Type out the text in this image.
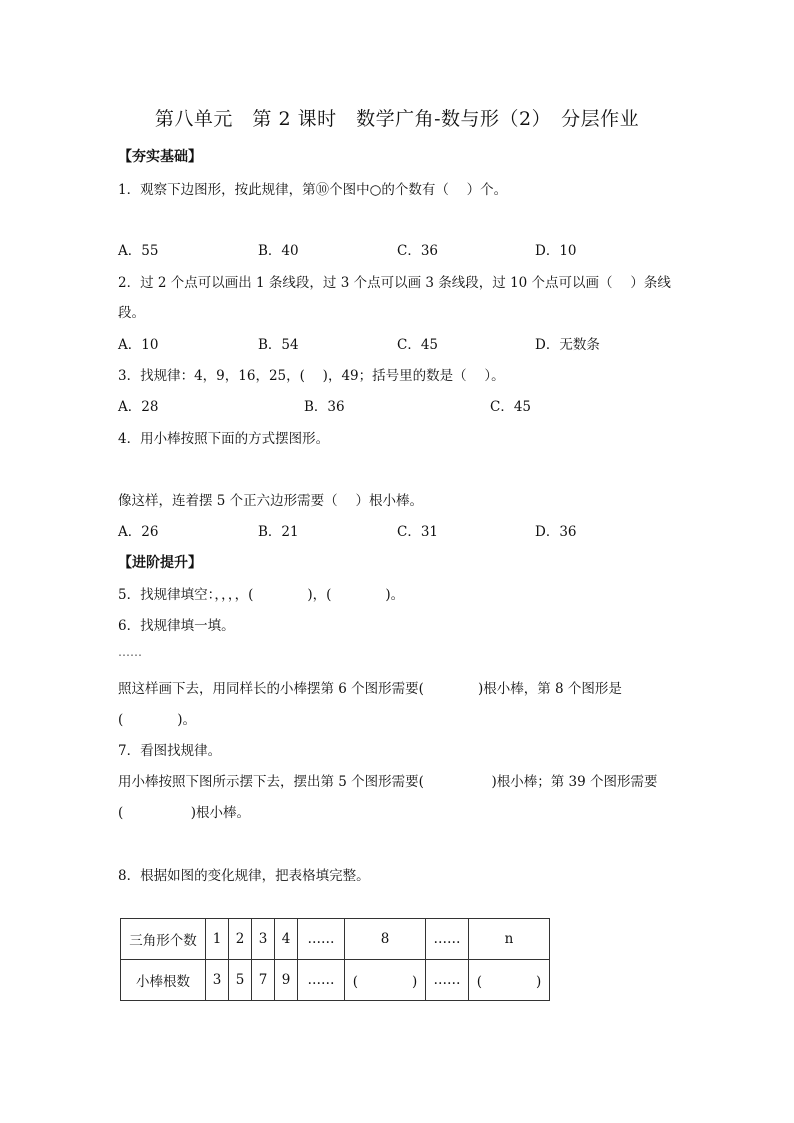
第八单元　第 2 课时　数学广角-数与形（2）　分层作业
【夯实基础】
1．观察下边图形，按此规律，第⑩个图中○的个数有（　 ）个。
A．55	B．40	C．36	D．10
2．过 2 个点可以画出 1 条线段，过 3 个点可以画 3 条线段，过 10 个点可以画（　 ）条线
段。
A．10	B．54	C．45	D．无数条
3．找规律：4，9，16，25，(　 )，49；括号里的数是（　 ）。
A．28	B．36	C．45
4．用小棒按照下面的方式摆图形。
像这样，连着摆 5 个正六边形需要（　 ）根小棒。
A．26	B．21	C．31	D．36
【进阶提升】
5．找规律填空：，，，，(　　　　)，(　　　　)。
6．找规律填一填。
……
照这样画下去，用同样长的小棒摆第 6 个图形需要(　　　　)根小棒，第 8 个图形是
(　　　　)。
7．看图找规律。
用小棒按照下图所示摆下去，摆出第 5 个图形需要(　　　　　)根小棒；第 39 个图形需要
(　　　　　)根小棒。
8．根据如图的变化规律，把表格填完整。
三角形个数	1	2	3	4	……	8	……	n
小棒根数	3	5	7	9	……	(　　　　)	……	(　　　　)
